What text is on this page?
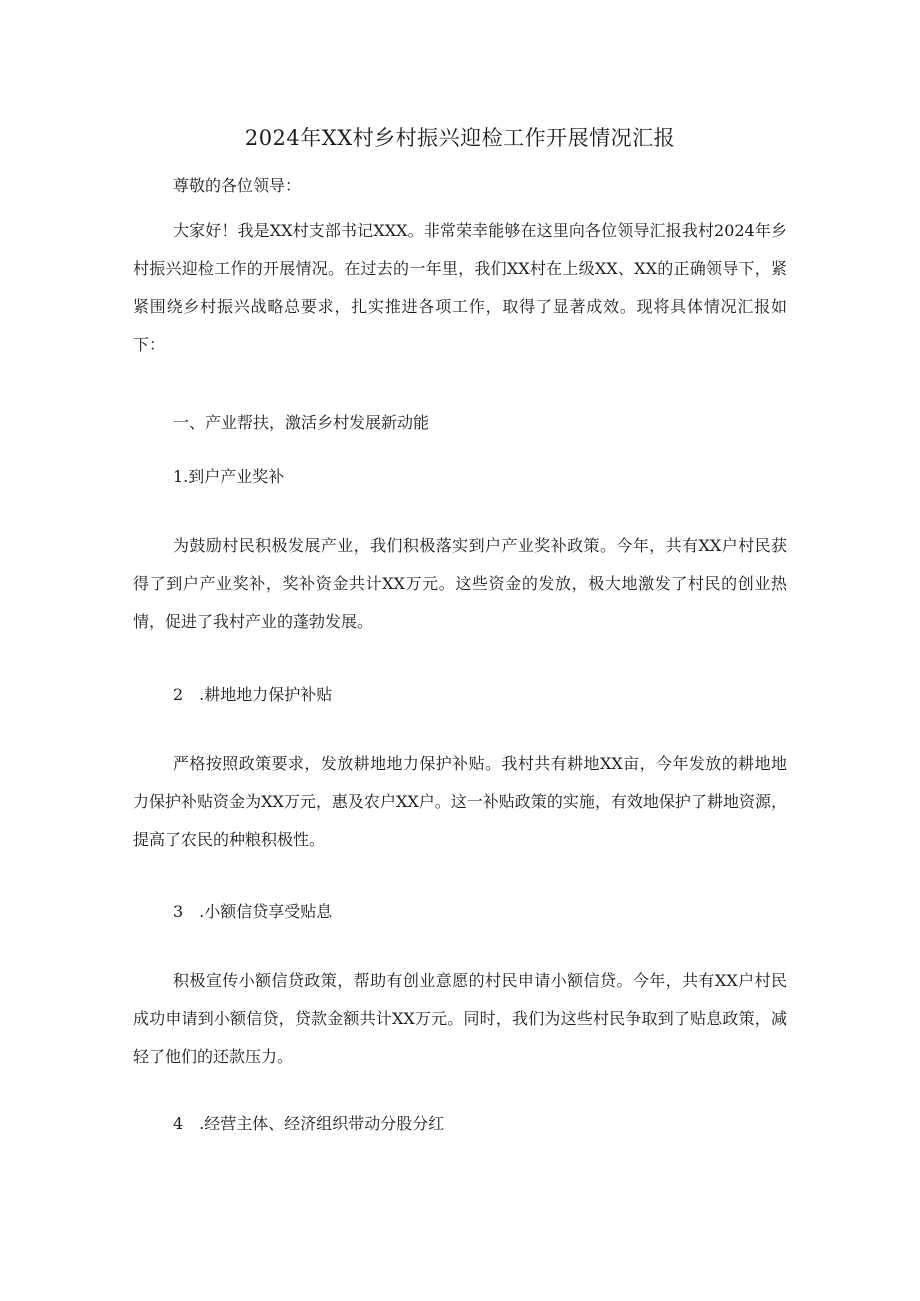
2024年XX村乡村振兴迎检工作开展情况汇报

尊敬的各位领导：

大家好！我是XX村支部书记XXX。非常荣幸能够在这里向各位领导汇报我村2024年乡村振兴迎检工作的开展情况。在过去的一年里，我们XX村在上级XX、XX的正确领导下，紧紧围绕乡村振兴战略总要求，扎实推进各项工作，取得了显著成效。现将具体情况汇报如下：

一、产业帮扶，激活乡村发展新动能

1.到户产业奖补

为鼓励村民积极发展产业，我们积极落实到户产业奖补政策。今年，共有XX户村民获得了到户产业奖补，奖补资金共计XX万元。这些资金的发放，极大地激发了村民的创业热情，促进了我村产业的蓬勃发展。

2　.耕地地力保护补贴

严格按照政策要求，发放耕地地力保护补贴。我村共有耕地XX亩，今年发放的耕地地力保护补贴资金为XX万元，惠及农户XX户。这一补贴政策的实施，有效地保护了耕地资源，提高了农民的种粮积极性。

3　.小额信贷享受贴息

积极宣传小额信贷政策，帮助有创业意愿的村民申请小额信贷。今年，共有XX户村民成功申请到小额信贷，贷款金额共计XX万元。同时，我们为这些村民争取到了贴息政策，减轻了他们的还款压力。

4　.经营主体、经济组织带动分股分红
